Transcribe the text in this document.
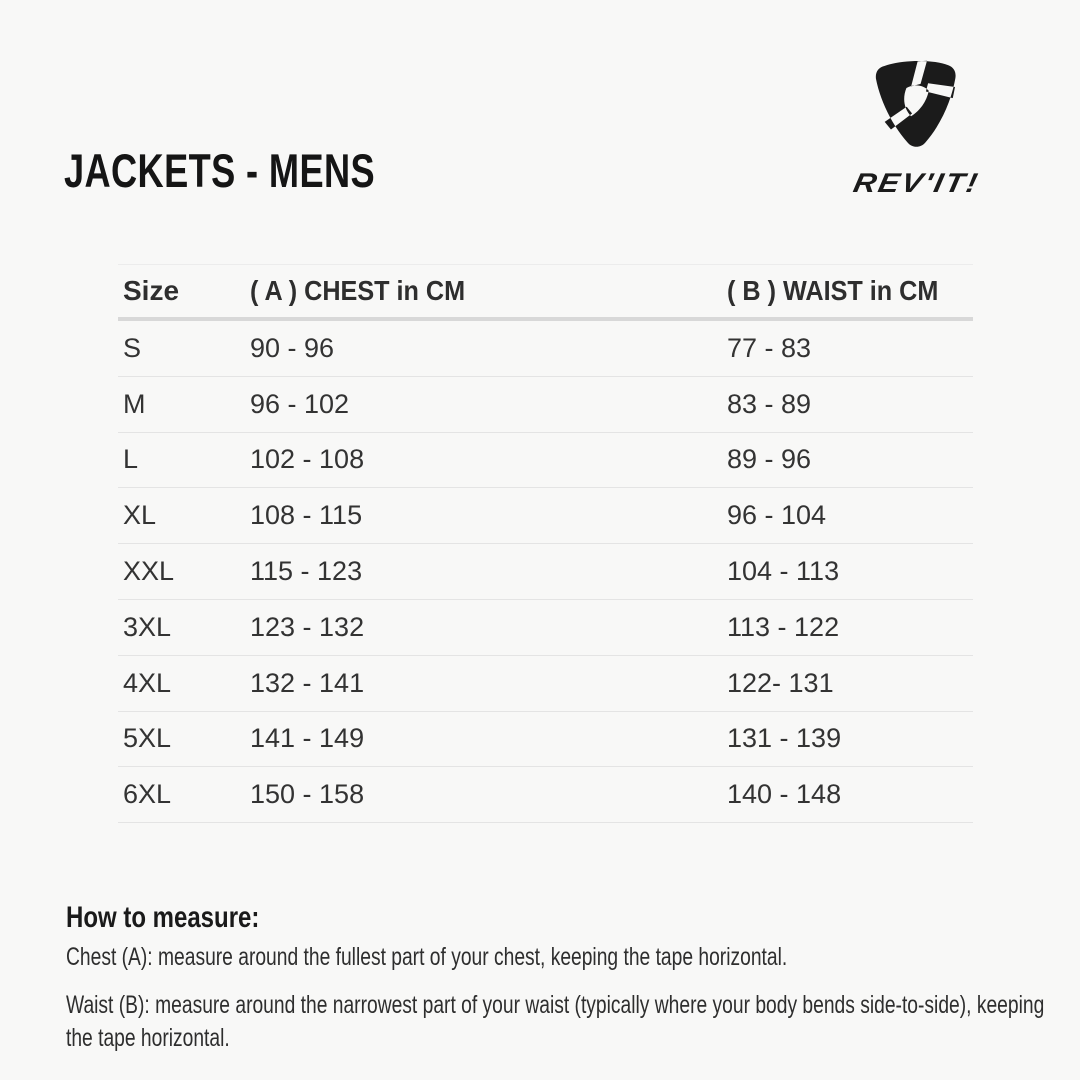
JACKETS - MENS	REV'IT!
Size	( A ) CHEST in CM	( B ) WAIST in CM
S	90 - 96	77 - 83
M	96 - 102	83 - 89
L	102 - 108	89 - 96
XL	108 - 115	96 - 104
XXL	115 - 123	104 - 113
3XL	123 - 132	113 - 122
4XL	132 - 141	122- 131
5XL	141 - 149	131 - 139
6XL	150 - 158	140 - 148
How to measure:

Chest (A): measure around the fullest part of your chest, keeping the tape horizontal.

Waist (B): measure around the narrowest part of your waist (typically where your body bends side-to-side), keeping
the tape horizontal.
